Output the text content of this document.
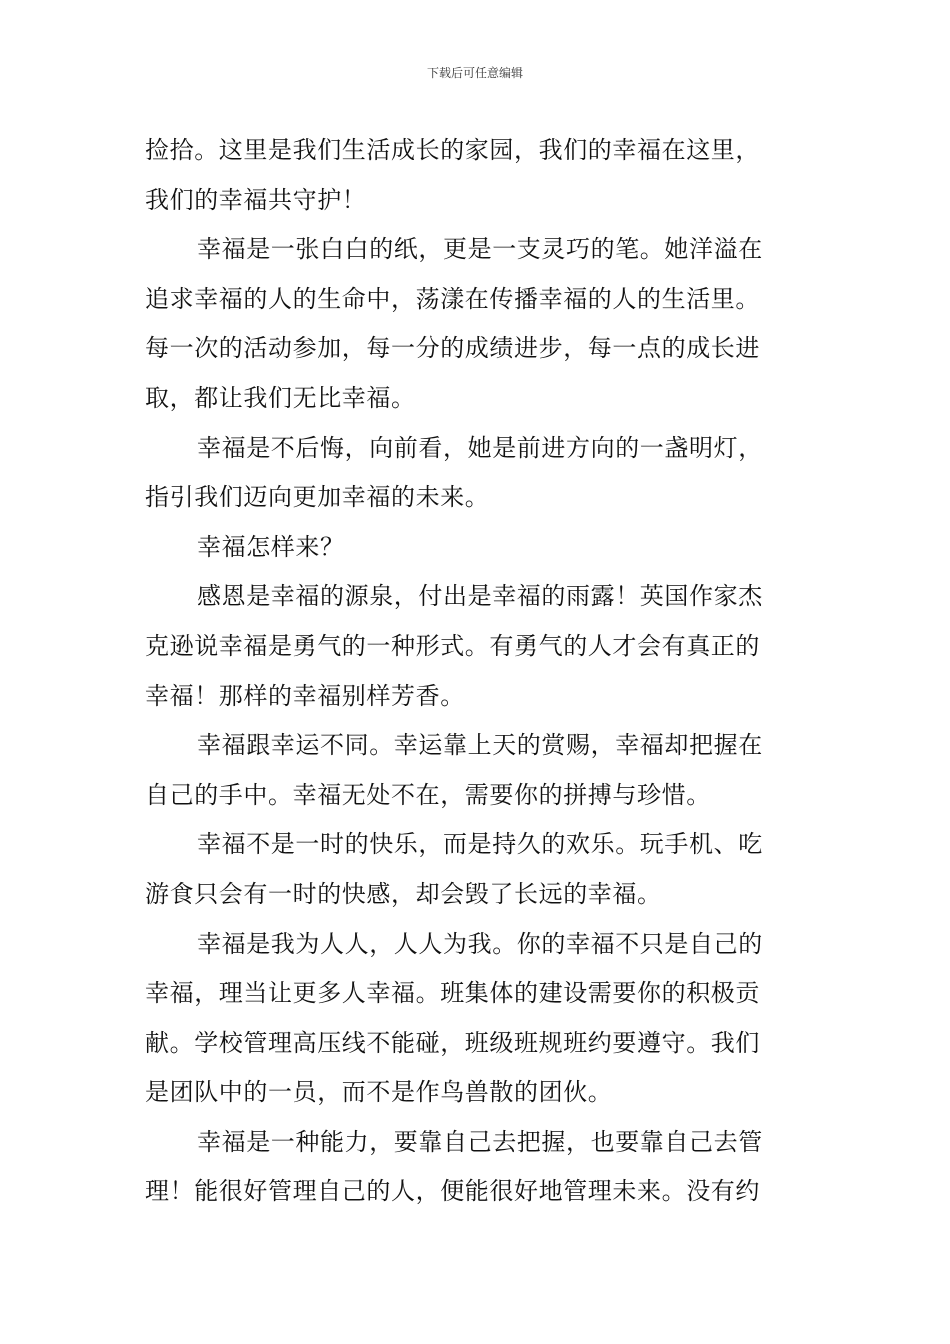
下载后可任意编辑
捡拾。这里是我们生活成长的家园，我们的幸福在这里，
我们的幸福共守护！
幸福是一张白白的纸，更是一支灵巧的笔。她洋溢在
追求幸福的人的生命中，荡漾在传播幸福的人的生活里。
每一次的活动参加，每一分的成绩进步，每一点的成长进
取，都让我们无比幸福。
幸福是不后悔，向前看，她是前进方向的一盏明灯，
指引我们迈向更加幸福的未来。
幸福怎样来？
感恩是幸福的源泉，付出是幸福的雨露！英国作家杰
克逊说幸福是勇气的一种形式。有勇气的人才会有真正的
幸福！那样的幸福别样芳香。
幸福跟幸运不同。幸运靠上天的赏赐，幸福却把握在
自己的手中。幸福无处不在，需要你的拼搏与珍惜。
幸福不是一时的快乐，而是持久的欢乐。玩手机、吃
游食只会有一时的快感，却会毁了长远的幸福。
幸福是我为人人，人人为我。你的幸福不只是自己的
幸福，理当让更多人幸福。班集体的建设需要你的积极贡
献。学校管理高压线不能碰，班级班规班约要遵守。我们
是团队中的一员，而不是作鸟兽散的团伙。
幸福是一种能力，要靠自己去把握，也要靠自己去管
理！能很好管理自己的人，便能很好地管理未来。没有约
